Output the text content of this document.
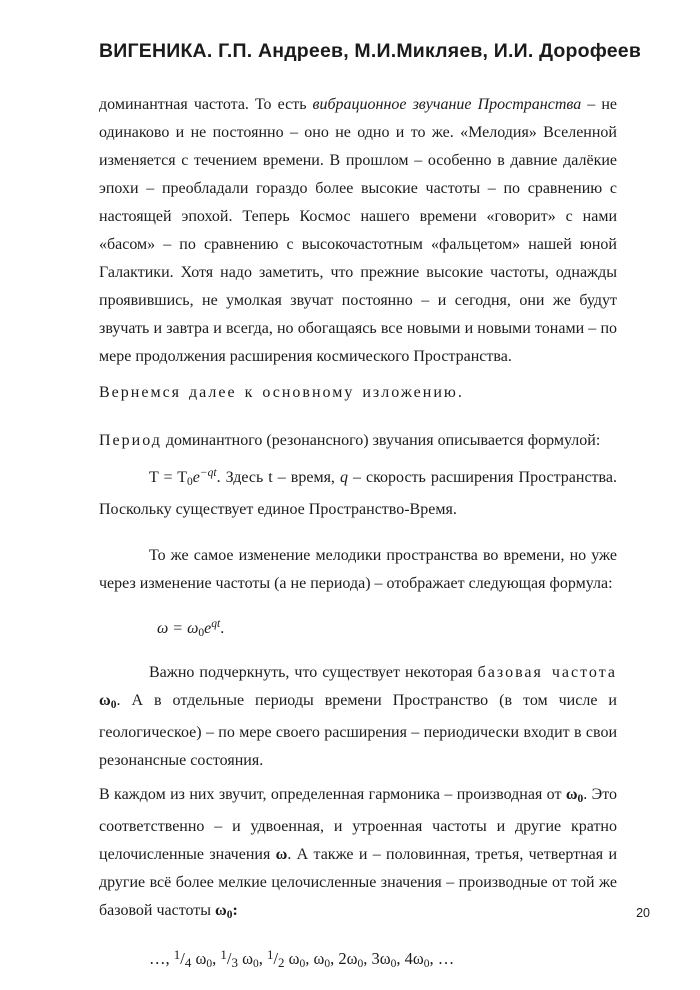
ВИГЕНИКА. Г.П. Андреев, М.И.Микляев, И.И. Дорофеев

доминантная частота. То есть вибрационное звучание Пространства – не одинаково и не постоянно – оно не одно и то же. «Мелодия» Вселенной изменяется с течением времени. В прошлом – особенно в давние далёкие эпохи – преобладали гораздо более высокие частоты – по сравнению с настоящей эпохой. Теперь Космос нашего времени «говорит» с нами «басом» – по сравнению с высокочастотным «фальцетом» нашей юной Галактики. Хотя надо заметить, что прежние высокие частоты, однажды проявившись, не умолкая звучат постоянно – и сегодня, они же будут звучать и завтра и всегда, но обогащаясь все новыми и новыми тонами – по мере продолжения расширения космического Пространства.

Вернемся далее к основному изложению.

Период доминантного (резонансного) звучания описывается формулой:

$T = T0e^{-qt}$. Здесь t – время, q – скорость расширения Пространства. Поскольку существует единое Пространство-Время.

То же самое изменение мелодики пространства во времени, но уже через изменение частоты (а не периода) – отображает следующая формула:

$\omega = \omega 0e^{qt}$.

Важно подчеркнуть, что существует некоторая базовая частота ω0. А в отдельные периоды времени Пространство (в том числе и геологическое) – по мере своего расширения – периодически входит в свои резонансные состояния.

В каждом из них звучит, определенная гармоника – производная от ω0. Это соответственно – и удвоенная, и утроенная частоты и другие кратно целочисленные значения ω. А также и – половинная, третья, четвертная и другие всё более мелкие целочисленные значения – производные от той же базовой частоты ω0:

…, $^1$/4 ω0, $^1$/3 ω0, $^1$/2 ω0, ω0, 2ω0, 3ω0, 4ω0, …

20
